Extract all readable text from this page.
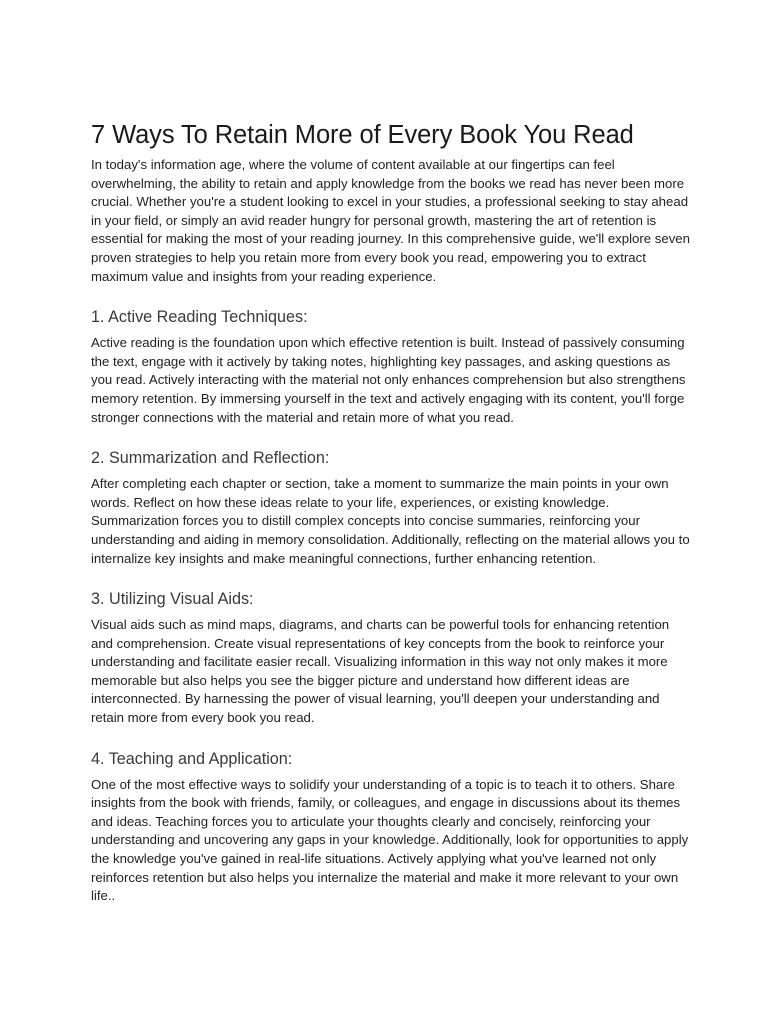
7 Ways To Retain More of Every Book You Read

In today's information age, where the volume of content available at our fingertips can feel overwhelming, the ability to retain and apply knowledge from the books we read has never been more crucial. Whether you're a student looking to excel in your studies, a professional seeking to stay ahead in your field, or simply an avid reader hungry for personal growth, mastering the art of retention is essential for making the most of your reading journey. In this comprehensive guide, we'll explore seven proven strategies to help you retain more from every book you read, empowering you to extract maximum value and insights from your reading experience.

1. Active Reading Techniques:

Active reading is the foundation upon which effective retention is built. Instead of passively consuming the text, engage with it actively by taking notes, highlighting key passages, and asking questions as you read. Actively interacting with the material not only enhances comprehension but also strengthens memory retention. By immersing yourself in the text and actively engaging with its content, you'll forge stronger connections with the material and retain more of what you read.

2. Summarization and Reflection:

After completing each chapter or section, take a moment to summarize the main points in your own words. Reflect on how these ideas relate to your life, experiences, or existing knowledge. Summarization forces you to distill complex concepts into concise summaries, reinforcing your understanding and aiding in memory consolidation. Additionally, reflecting on the material allows you to internalize key insights and make meaningful connections, further enhancing retention.

3. Utilizing Visual Aids:

Visual aids such as mind maps, diagrams, and charts can be powerful tools for enhancing retention and comprehension. Create visual representations of key concepts from the book to reinforce your understanding and facilitate easier recall. Visualizing information in this way not only makes it more memorable but also helps you see the bigger picture and understand how different ideas are interconnected. By harnessing the power of visual learning, you'll deepen your understanding and retain more from every book you read.

4. Teaching and Application:

One of the most effective ways to solidify your understanding of a topic is to teach it to others. Share insights from the book with friends, family, or colleagues, and engage in discussions about its themes and ideas. Teaching forces you to articulate your thoughts clearly and concisely, reinforcing your understanding and uncovering any gaps in your knowledge. Additionally, look for opportunities to apply the knowledge you've gained in real-life situations. Actively applying what you've learned not only reinforces retention but also helps you internalize the material and make it more relevant to your own life..
